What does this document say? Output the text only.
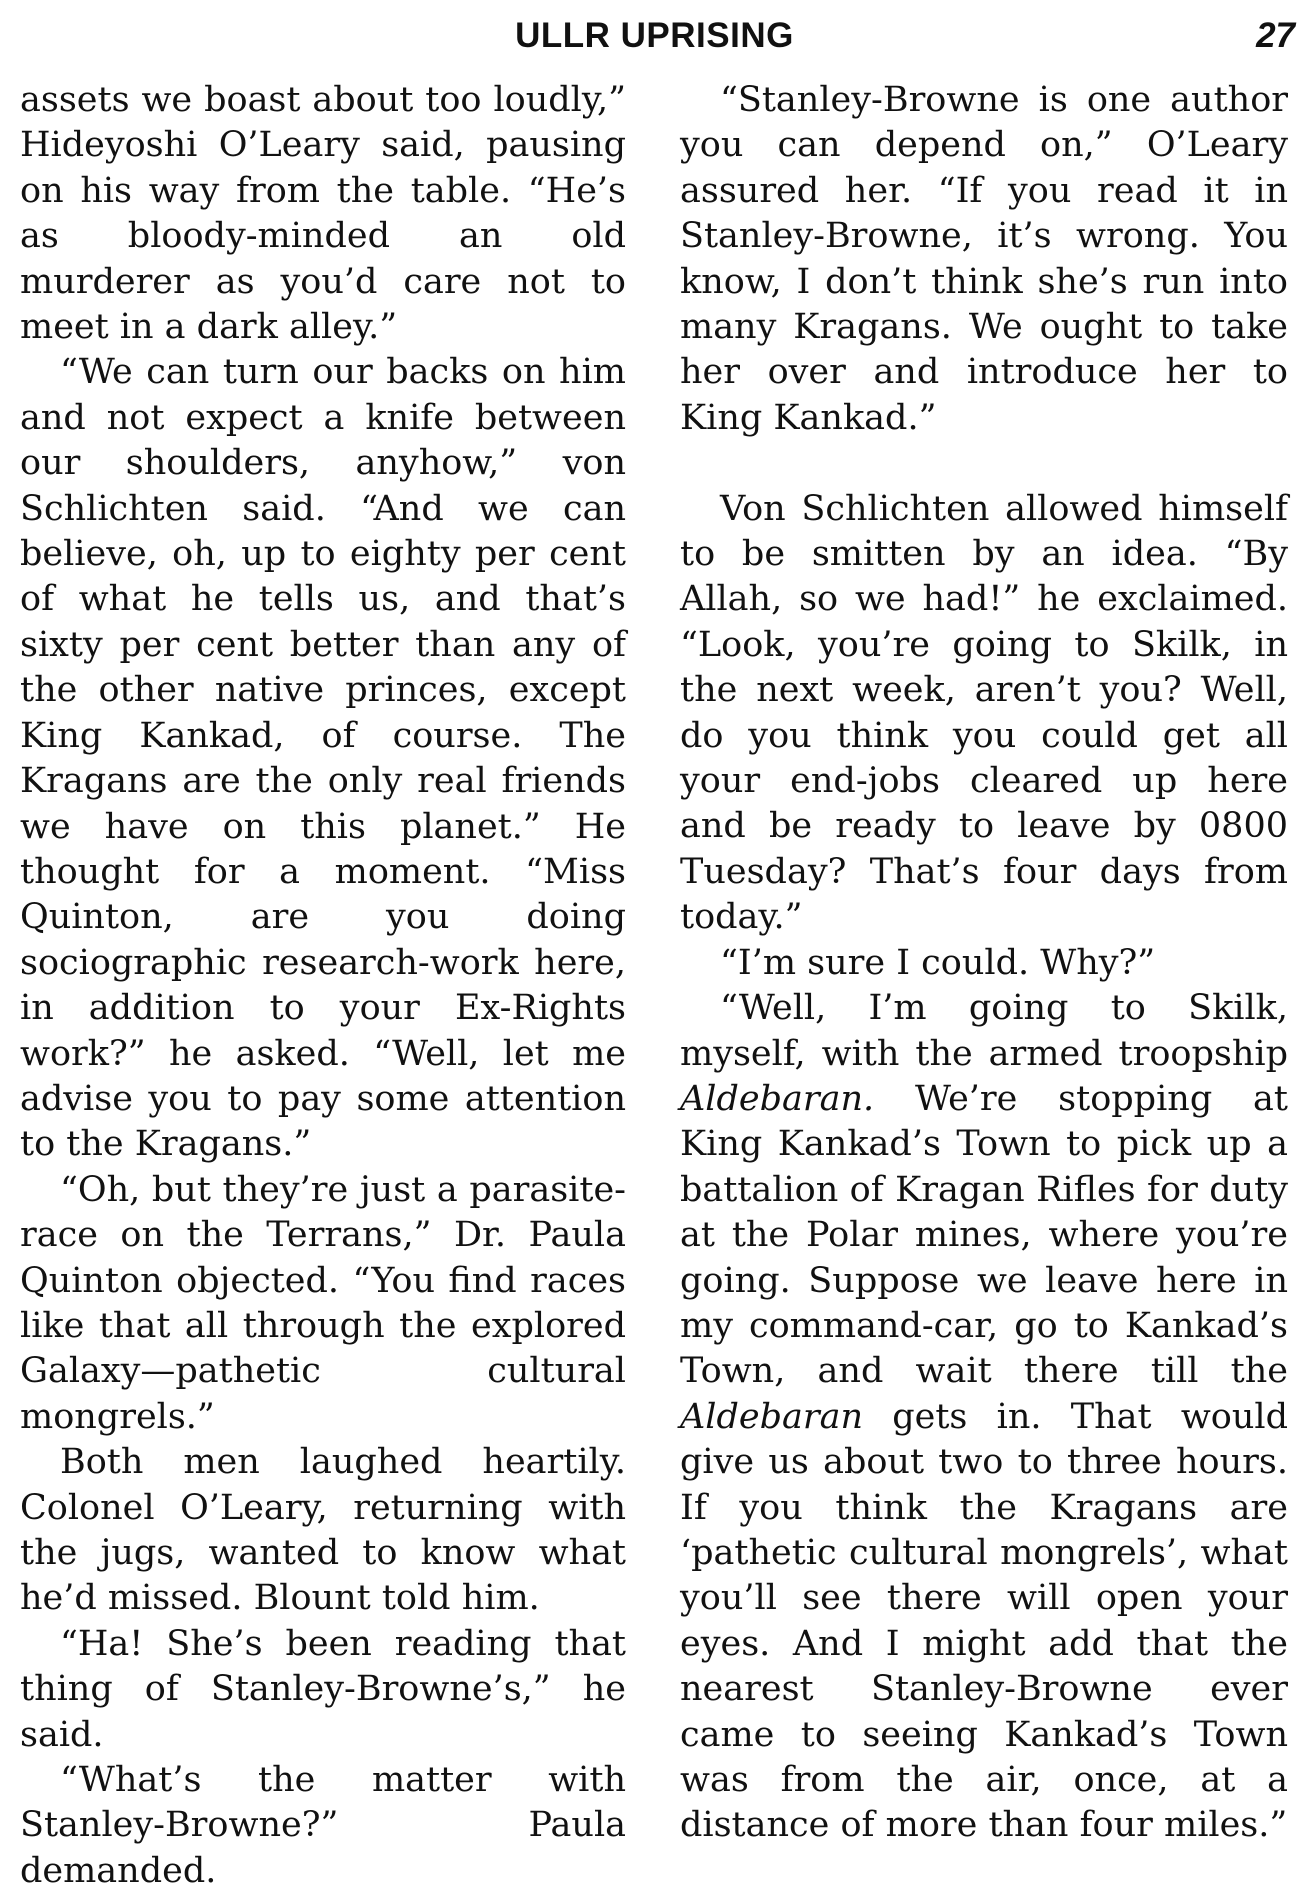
ULLR UPRISING	27

assets we boast about too loudly,” Hideyoshi O’Leary said, pausing on his way from the table. “He’s as bloody-minded an old murderer as you’d care not to meet in a dark alley.”

“We can turn our backs on him and not expect a knife between our shoulders, anyhow,” von Schlichten said. “And we can believe, oh, up to eighty per cent of what he tells us, and that’s sixty per cent better than any of the other native princes, except King Kankad, of course. The Kragans are the only real friends we have on this planet.” He thought for a moment. “Miss Quinton, are you doing sociographic research-work here, in addition to your Ex-Rights work?” he asked. “Well, let me advise you to pay some attention to the Kragans.”

“Oh, but they’re just a parasite-race on the Terrans,” Dr. Paula Quinton objected. “You find races like that all through the explored Galaxy—pathetic cultural mongrels.”

Both men laughed heartily. Colonel O’Leary, returning with the jugs, wanted to know what he’d missed. Blount told him.

“Ha! She’s been reading that thing of Stanley-Browne’s,” he said.

“What’s the matter with Stanley-Browne?” Paula demanded.

“Stanley-Browne is one author you can depend on,” O’Leary assured her. “If you read it in Stanley-Browne, it’s wrong. You know, I don’t think she’s run into many Kragans. We ought to take her over and introduce her to King Kankad.”

Von Schlichten allowed himself to be smitten by an idea. “By Allah, so we had!” he exclaimed. “Look, you’re going to Skilk, in the next week, aren’t you? Well, do you think you could get all your end-jobs cleared up here and be ready to leave by 0800 Tuesday? That’s four days from today.”

“I’m sure I could. Why?”

“Well, I’m going to Skilk, myself, with the armed troopship Aldebaran. We’re stopping at King Kankad’s Town to pick up a battalion of Kragan Rifles for duty at the Polar mines, where you’re going. Suppose we leave here in my command-car, go to Kankad’s Town, and wait there till the Aldebaran gets in. That would give us about two to three hours. If you think the Kragans are ‘pathetic cultural mongrels’, what you’ll see there will open your eyes. And I might add that the nearest Stanley-Browne ever came to seeing Kankad’s Town was from the air, once, at a distance of more than four miles.”
